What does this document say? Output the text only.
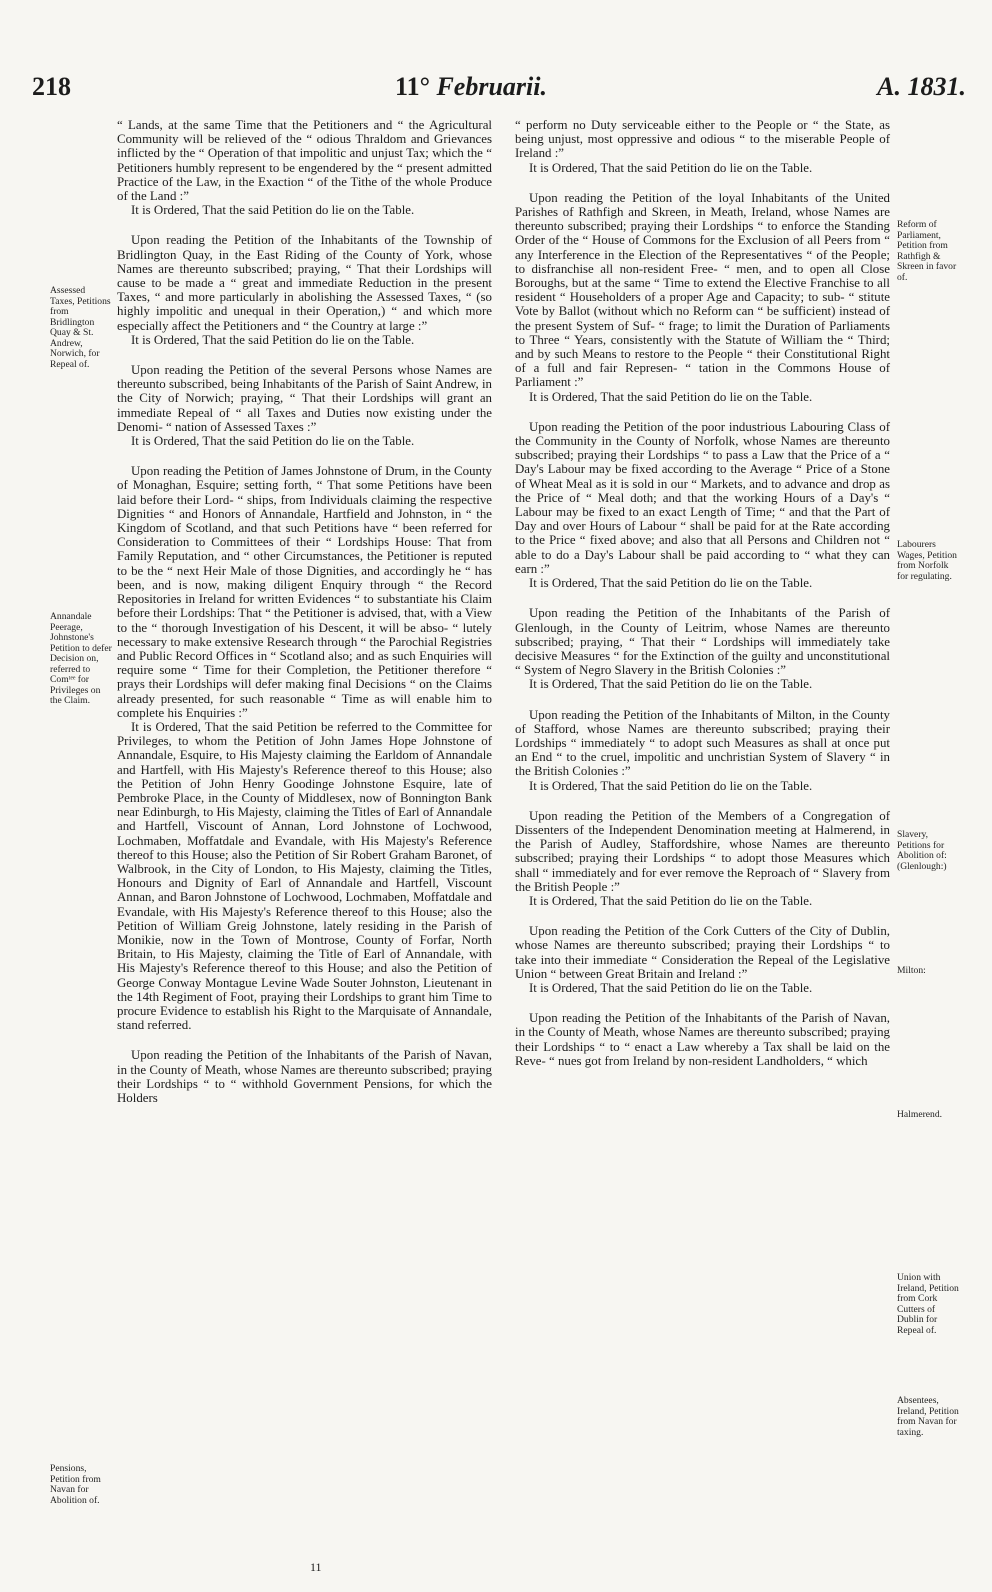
218	11° Februarii.	A. 1831.
Assessed Taxes, Petitions from Bridlington Quay & St. Andrew, Norwich, for Repeal of.
Annandale Peerage, Johnstone's Petition to defer Decision on, referred to Comᵗᵉᵉ for Privileges on the Claim.
Pensions, Petition from Navan for Abolition of.
Reform of Parliament, Petition from Rathfigh & Skreen in favor of.
Labourers Wages, Petition from Norfolk for regulating.
Slavery, Petitions for Abolition of: (Glenlough:)
Milton:
Halmerend.
Union with Ireland, Petition from Cork Cutters of Dublin for Repeal of.
Absentees, Ireland, Petition from Navan for taxing.

“ Lands, at the same Time that the Petitioners and “ the Agricultural Community will be relieved of the “ odious Thraldom and Grievances inflicted by the “ Operation of that impolitic and unjust Tax; which the “ Petitioners humbly represent to be engendered by the “ present admitted Practice of the Law, in the Exaction “ of the Tithe of the whole Produce of the Land :”

It is Ordered, That the said Petition do lie on the Table.

Upon reading the Petition of the Inhabitants of the Township of Bridlington Quay, in the East Riding of the County of York, whose Names are thereunto subscribed; praying, “ That their Lordships will cause to be made a “ great and immediate Reduction in the present Taxes, “ and more particularly in abolishing the Assessed Taxes, “ (so highly impolitic and unequal in their Operation,) “ and which more especially affect the Petitioners and “ the Country at large :”

It is Ordered, That the said Petition do lie on the Table.

Upon reading the Petition of the several Persons whose Names are thereunto subscribed, being Inhabitants of the Parish of Saint Andrew, in the City of Norwich; praying, “ That their Lordships will grant an immediate Repeal of “ all Taxes and Duties now existing under the Denomi- “ nation of Assessed Taxes :”

It is Ordered, That the said Petition do lie on the Table.

Upon reading the Petition of James Johnstone of Drum, in the County of Monaghan, Esquire; setting forth, “ That some Petitions have been laid before their Lord- “ ships, from Individuals claiming the respective Dignities “ and Honors of Annandale, Hartfield and Johnston, in “ the Kingdom of Scotland, and that such Petitions have “ been referred for Consideration to Committees of their “ Lordships House: That from Family Reputation, and “ other Circumstances, the Petitioner is reputed to be the “ next Heir Male of those Dignities, and accordingly he “ has been, and is now, making diligent Enquiry through “ the Record Repositories in Ireland for written Evidences “ to substantiate his Claim before their Lordships: That “ the Petitioner is advised, that, with a View to the “ thorough Investigation of his Descent, it will be abso- “ lutely necessary to make extensive Research through “ the Parochial Registries and Public Record Offices in “ Scotland also; and as such Enquiries will require some “ Time for their Completion, the Petitioner therefore “ prays their Lordships will defer making final Decisions “ on the Claims already presented, for such reasonable “ Time as will enable him to complete his Enquiries :”

It is Ordered, That the said Petition be referred to the Committee for Privileges, to whom the Petition of John James Hope Johnstone of Annandale, Esquire, to His Majesty claiming the Earldom of Annandale and Hartfell, with His Majesty's Reference thereof to this House; also the Petition of John Henry Goodinge Johnstone Esquire, late of Pembroke Place, in the County of Middlesex, now of Bonnington Bank near Edinburgh, to His Majesty, claiming the Titles of Earl of Annandale and Hartfell, Viscount of Annan, Lord Johnstone of Lochwood, Lochmaben, Moffatdale and Evandale, with His Majesty's Reference thereof to this House; also the Petition of Sir Robert Graham Baronet, of Walbrook, in the City of London, to His Majesty, claiming the Titles, Honours and Dignity of Earl of Annandale and Hartfell, Viscount Annan, and Baron Johnstone of Lochwood, Lochmaben, Moffatdale and Evandale, with His Majesty's Reference thereof to this House; also the Petition of William Greig Johnstone, lately residing in the Parish of Monikie, now in the Town of Montrose, County of Forfar, North Britain, to His Majesty, claiming the Title of Earl of Annandale, with His Majesty's Reference thereof to this House; and also the Petition of George Conway Montague Levine Wade Souter Johnston, Lieutenant in the 14th Regiment of Foot, praying their Lordships to grant him Time to procure Evidence to establish his Right to the Marquisate of Annandale, stand referred.

Upon reading the Petition of the Inhabitants of the Parish of Navan, in the County of Meath, whose Names are thereunto subscribed; praying their Lordships “ to “ withhold Government Pensions, for which the Holders

“ perform no Duty serviceable either to the People or “ the State, as being unjust, most oppressive and odious “ to the miserable People of Ireland :”

It is Ordered, That the said Petition do lie on the Table.

Upon reading the Petition of the loyal Inhabitants of the United Parishes of Rathfigh and Skreen, in Meath, Ireland, whose Names are thereunto subscribed; praying their Lordships “ to enforce the Standing Order of the “ House of Commons for the Exclusion of all Peers from “ any Interference in the Election of the Representatives “ of the People; to disfranchise all non-resident Free- “ men, and to open all Close Boroughs, but at the same “ Time to extend the Elective Franchise to all resident “ Householders of a proper Age and Capacity; to sub- “ stitute Vote by Ballot (without which no Reform can “ be sufficient) instead of the present System of Suf- “ frage; to limit the Duration of Parliaments to Three “ Years, consistently with the Statute of William the “ Third; and by such Means to restore to the People “ their Constitutional Right of a full and fair Represen- “ tation in the Commons House of Parliament :”

It is Ordered, That the said Petition do lie on the Table.

Upon reading the Petition of the poor industrious Labouring Class of the Community in the County of Norfolk, whose Names are thereunto subscribed; praying their Lordships “ to pass a Law that the Price of a “ Day's Labour may be fixed according to the Average “ Price of a Stone of Wheat Meal as it is sold in our “ Markets, and to advance and drop as the Price of “ Meal doth; and that the working Hours of a Day's “ Labour may be fixed to an exact Length of Time; “ and that the Part of Day and over Hours of Labour “ shall be paid for at the Rate according to the Price “ fixed above; and also that all Persons and Children not “ able to do a Day's Labour shall be paid according to “ what they can earn :”

It is Ordered, That the said Petition do lie on the Table.

Upon reading the Petition of the Inhabitants of the Parish of Glenlough, in the County of Leitrim, whose Names are thereunto subscribed; praying, “ That their “ Lordships will immediately take decisive Measures “ for the Extinction of the guilty and unconstitutional “ System of Negro Slavery in the British Colonies :”

It is Ordered, That the said Petition do lie on the Table.

Upon reading the Petition of the Inhabitants of Milton, in the County of Stafford, whose Names are thereunto subscribed; praying their Lordships “ immediately “ to adopt such Measures as shall at once put an End “ to the cruel, impolitic and unchristian System of Slavery “ in the British Colonies :”

It is Ordered, That the said Petition do lie on the Table.

Upon reading the Petition of the Members of a Congregation of Dissenters of the Independent Denomination meeting at Halmerend, in the Parish of Audley, Staffordshire, whose Names are thereunto subscribed; praying their Lordships “ to adopt those Measures which shall “ immediately and for ever remove the Reproach of “ Slavery from the British People :”

It is Ordered, That the said Petition do lie on the Table.

Upon reading the Petition of the Cork Cutters of the City of Dublin, whose Names are thereunto subscribed; praying their Lordships “ to take into their immediate “ Consideration the Repeal of the Legislative Union “ between Great Britain and Ireland :”

It is Ordered, That the said Petition do lie on the Table.

Upon reading the Petition of the Inhabitants of the Parish of Navan, in the County of Meath, whose Names are thereunto subscribed; praying their Lordships “ to “ enact a Law whereby a Tax shall be laid on the Reve- “ nues got from Ireland by non-resident Landholders, “ which

11
